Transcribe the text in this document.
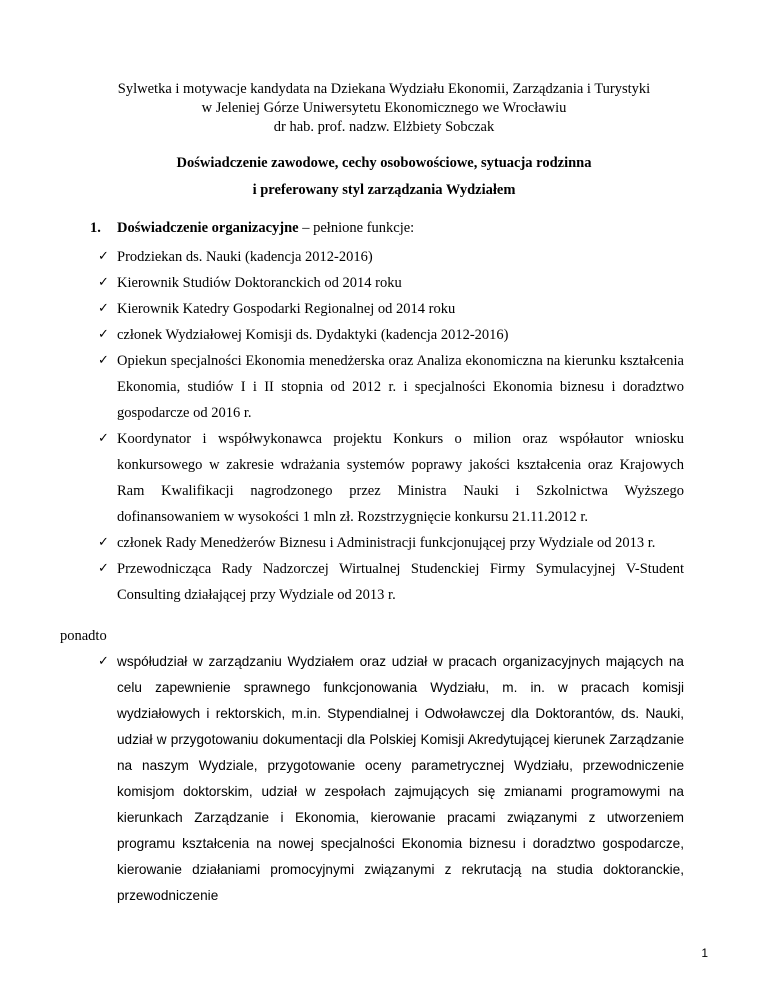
Sylwetka i motywacje kandydata na Dziekana Wydziału Ekonomii, Zarządzania i Turystyki
w Jeleniej Górze Uniwersytetu Ekonomicznego we Wrocławiu
dr hab. prof. nadzw. Elżbiety Sobczak
Doświadczenie zawodowe, cechy osobowościowe, sytuacja rodzinna
i preferowany styl zarządzania Wydziałem
1.	Doświadczenie organizacyjne – pełnione funkcje:
✓ Prodziekan ds. Nauki (kadencja 2012-2016)
✓ Kierownik Studiów Doktoranckich od 2014 roku
✓ Kierownik Katedry Gospodarki Regionalnej od 2014 roku
✓ członek Wydziałowej Komisji ds. Dydaktyki (kadencja 2012-2016)
✓ Opiekun specjalności Ekonomia menedżerska oraz Analiza ekonomiczna na kierunku kształcenia Ekonomia, studiów I i II stopnia od 2012 r. i specjalności Ekonomia biznesu i doradztwo gospodarcze od 2016 r.
✓ Koordynator i współwykonawca projektu Konkurs o milion oraz współautor wniosku konkursowego w zakresie wdrażania systemów poprawy jakości kształcenia oraz Krajowych Ram Kwalifikacji nagrodzonego przez Ministra Nauki i Szkolnictwa Wyższego dofinansowaniem w wysokości 1 mln zł. Rozstrzygnięcie konkursu 21.11.2012 r.
✓ członek Rady Menedżerów Biznesu i Administracji funkcjonującej przy Wydziale od 2013 r.
✓ Przewodnicząca Rady Nadzorczej Wirtualnej Studenckiej Firmy Symulacyjnej V-Student Consulting działającej przy Wydziale od 2013 r.
ponadto
✓ współudział w zarządzaniu Wydziałem oraz udział w pracach organizacyjnych mających na celu zapewnienie sprawnego funkcjonowania Wydziału, m. in. w pracach komisji wydziałowych i rektorskich, m.in. Stypendialnej i Odwoławczej dla Doktorantów, ds. Nauki, udział w przygotowaniu dokumentacji dla Polskiej Komisji Akredytującej kierunek Zarządzanie na naszym Wydziale, przygotowanie oceny parametrycznej Wydziału, przewodniczenie komisjom doktorskim, udział w zespołach zajmujących się zmianami programowymi na kierunkach Zarządzanie i Ekonomia, kierowanie pracami związanymi z utworzeniem programu kształcenia na nowej specjalności Ekonomia biznesu i doradztwo gospodarcze, kierowanie działaniami promocyjnymi związanymi z rekrutacją na studia doktoranckie, przewodniczenie
1
